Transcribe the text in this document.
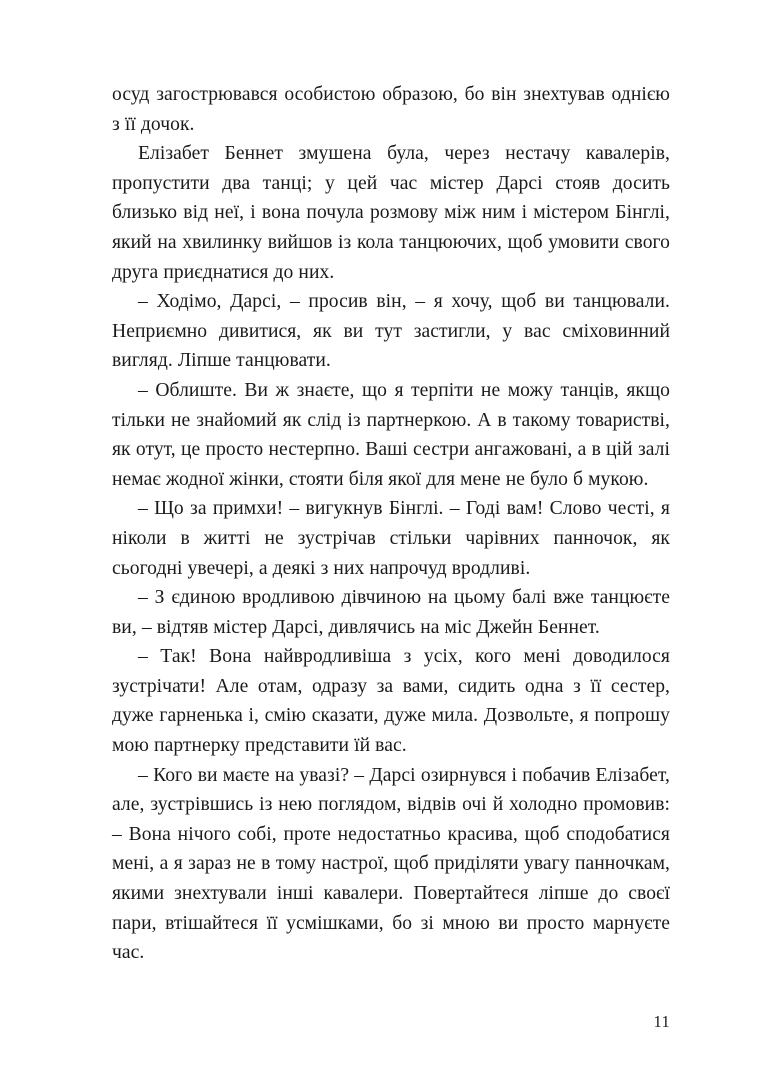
осуд загострювався особистою образою, бо він знехтував однією з її дочок.

Елізабет Беннет змушена була, через нестачу кавалерів, пропустити два танці; у цей час містер Дарсі стояв досить близько від неї, і вона почула розмову між ним і містером Бінглі, який на хвилинку вийшов із кола танцюючих, щоб умовити свого друга приєднатися до них.

– Ходімо, Дарсі, – просив він, – я хочу, щоб ви танцювали. Неприємно дивитися, як ви тут застигли, у вас сміховинний вигляд. Ліпше танцювати.

– Облиште. Ви ж знаєте, що я терпіти не можу танців, якщо тільки не знайомий як слід із партнеркою. А в такому товаристві, як отут, це просто нестерпно. Ваші сестри ангажовані, а в цій залі немає жодної жінки, стояти біля якої для мене не було б мукою.

– Що за примхи! – вигукнув Бінглі. – Годі вам! Слово честі, я ніколи в житті не зустрічав стільки чарівних панночок, як сьогодні увечері, а деякі з них напрочуд вродливі.

– З єдиною вродливою дівчиною на цьому балі вже танцюєте ви, – відтяв містер Дарсі, дивлячись на міс Джейн Беннет.

– Так! Вона найвродливіша з усіх, кого мені доводилося зустрічати! Але отам, одразу за вами, сидить одна з її сестер, дуже гарненька і, смію сказати, дуже мила. Дозвольте, я попрошу мою партнерку представити їй вас.

– Кого ви маєте на увазі? – Дарсі озирнувся і побачив Елізабет, але, зустрівшись із нею поглядом, відвів очі й холодно промовив: – Вона нічого собі, проте недостатньо красива, щоб сподобатися мені, а я зараз не в тому настрої, щоб приділяти увагу панночкам, якими знехтували інші кавалери. Повертайтеся ліпше до своєї пари, втішайтеся її усмішками, бо зі мною ви просто марнуєте час.

11
